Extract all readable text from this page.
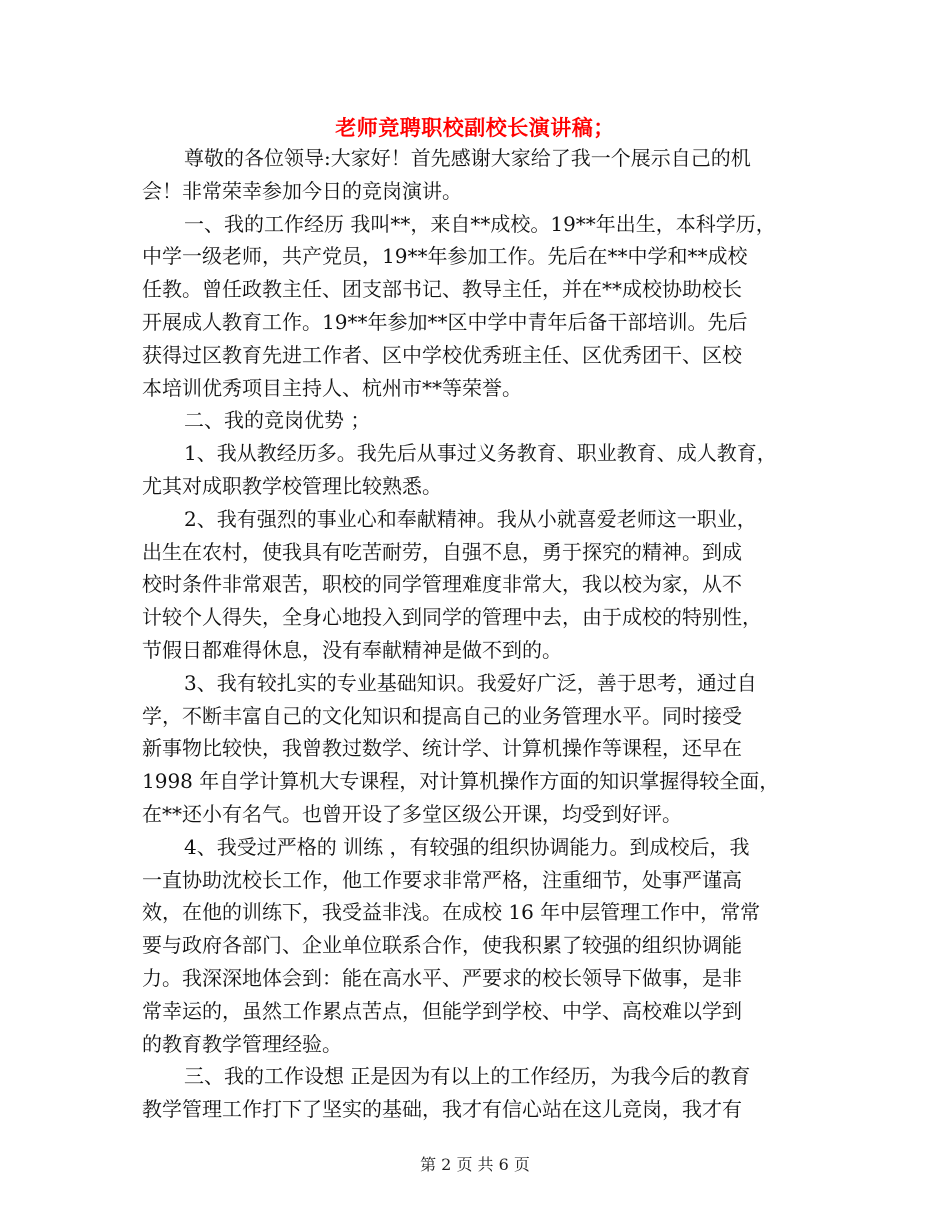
老师竞聘职校副校长演讲稿；
尊敬的各位领导:大家好！首先感谢大家给了我一个展示自己的机
会！非常荣幸参加今日的竞岗演讲。
一、我的工作经历 我叫**，来自**成校。19**年出生，本科学历，
中学一级老师，共产党员，19**年参加工作。先后在**中学和**成校
任教。曾任政教主任、团支部书记、教导主任，并在**成校协助校长
开展成人教育工作。19**年参加**区中学中青年后备干部培训。先后
获得过区教育先进工作者、区中学校优秀班主任、区优秀团干、区校
本培训优秀项目主持人、杭州市**等荣誉。
二、我的竞岗优势 ；
1、我从教经历多。我先后从事过义务教育、职业教育、成人教育，
尤其对成职教学校管理比较熟悉。
2、我有强烈的事业心和奉献精神。我从小就喜爱老师这一职业，
出生在农村，使我具有吃苦耐劳，自强不息，勇于探究的精神。到成
校时条件非常艰苦，职校的同学管理难度非常大，我以校为家，从不
计较个人得失，全身心地投入到同学的管理中去，由于成校的特别性，
节假日都难得休息，没有奉献精神是做不到的。
3、我有较扎实的专业基础知识。我爱好广泛，善于思考，通过自
学，不断丰富自己的文化知识和提高自己的业务管理水平。同时接受
新事物比较快，我曾教过数学、统计学、计算机操作等课程，还早在
1998 年自学计算机大专课程，对计算机操作方面的知识掌握得较全面，
在**还小有名气。也曾开设了多堂区级公开课，均受到好评。
4、我受过严格的 训练 ，有较强的组织协调能力。到成校后，我
一直协助沈校长工作，他工作要求非常严格，注重细节，处事严谨高
效，在他的训练下，我受益非浅。在成校 16 年中层管理工作中，常常
要与政府各部门、企业单位联系合作，使我积累了较强的组织协调能
力。我深深地体会到：能在高水平、严要求的校长领导下做事，是非
常幸运的，虽然工作累点苦点，但能学到学校、中学、高校难以学到
的教育教学管理经验。
三、我的工作设想 正是因为有以上的工作经历，为我今后的教育
教学管理工作打下了坚实的基础，我才有信心站在这儿竞岗，我才有
第 2 页 共 6 页
